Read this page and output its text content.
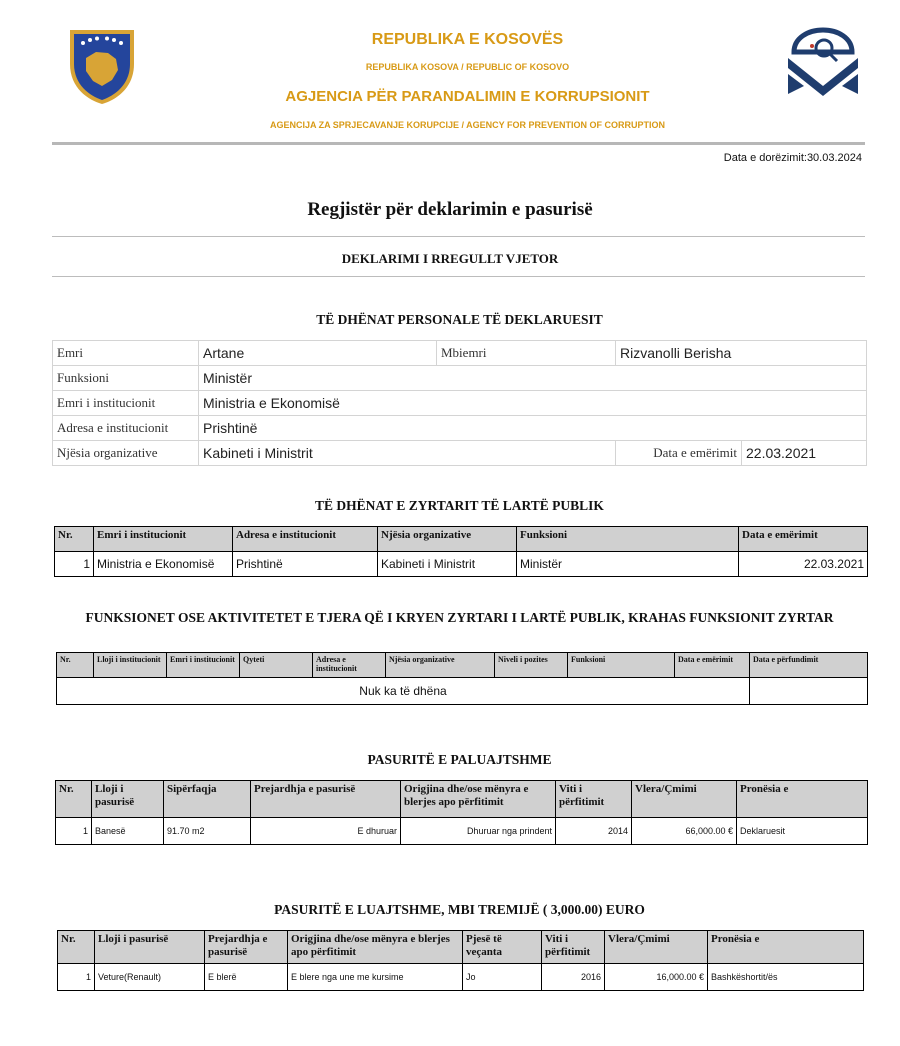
REPUBLIKA E KOSOVËS
REPUBLIKA KOSOVA / REPUBLIC OF KOSOVO
AGJENCIA PËR PARANDALIMIN E KORRUPSIONIT
AGENCIJA ZA SPRJECAVANJE KORUPCIJE / AGENCY FOR PREVENTION OF CORRUPTION
Data e dorëzimit:30.03.2024
Regjistër për deklarimin e pasurisë
DEKLARIMI I RREGULLT VJETOR
TË DHËNAT PERSONALE TË DEKLARUESIT
Emri	Artane	Mbiemri	Rizvanolli Berisha	
Funksioni	Ministër			
Emri i institucionit	Ministria e Ekonomisë			
Adresa e institucionit	Prishtinë			
Njësia organizative	Kabineti i Ministrit		Data e emërimit	22.03.2021
TË DHËNAT E ZYRTARIT TË LARTË PUBLIK
Nr.	Emri i institucionit	Adresa e institucionit	Njësia organizative	Funksioni	Data e emërimit
1	Ministria e Ekonomisë	Prishtinë	Kabineti i Ministrit	Ministër	22.03.2021
FUNKSIONET OSE AKTIVITETET E TJERA QË I KRYEN ZYRTARI I LARTË PUBLIK, KRAHAS FUNKSIONIT ZYRTAR
Nr.	Lloji i institucionit	Emri i institucionit	Qyteti	Adresa e institucionit	Njësia organizative	Niveli i pozites	Funksioni	Data e emërimit	Data e përfundimit
Nuk ka të dhëna									
PASURITË E PALUAJTSHME
Nr.	Lloji i pasurisë	Sipërfaqja	Prejardhja e pasurisë	Origjina dhe/ose mënyra e blerjes apo përfitimit	Viti i përfitimit	Vlera/Çmimi	Pronësia e
1	Banesë	91.70 m2	E dhuruar	Dhuruar nga prindent	2014	66,000.00 €	Deklaruesit
PASURITË E LUAJTSHME, MBI TREMIJË ( 3,000.00) EURO
Nr.	Lloji i pasurisë	Prejardhja e pasurisë	Origjina dhe/ose mënyra e blerjes apo përfitimit	Pjesë të veçanta	Viti i përfitimit	Vlera/Çmimi	Pronësia e
1	Veture(Renault)	E blerë	E blere nga une me kursime	Jo	2016	16,000.00 €	Bashkëshortit/ës
